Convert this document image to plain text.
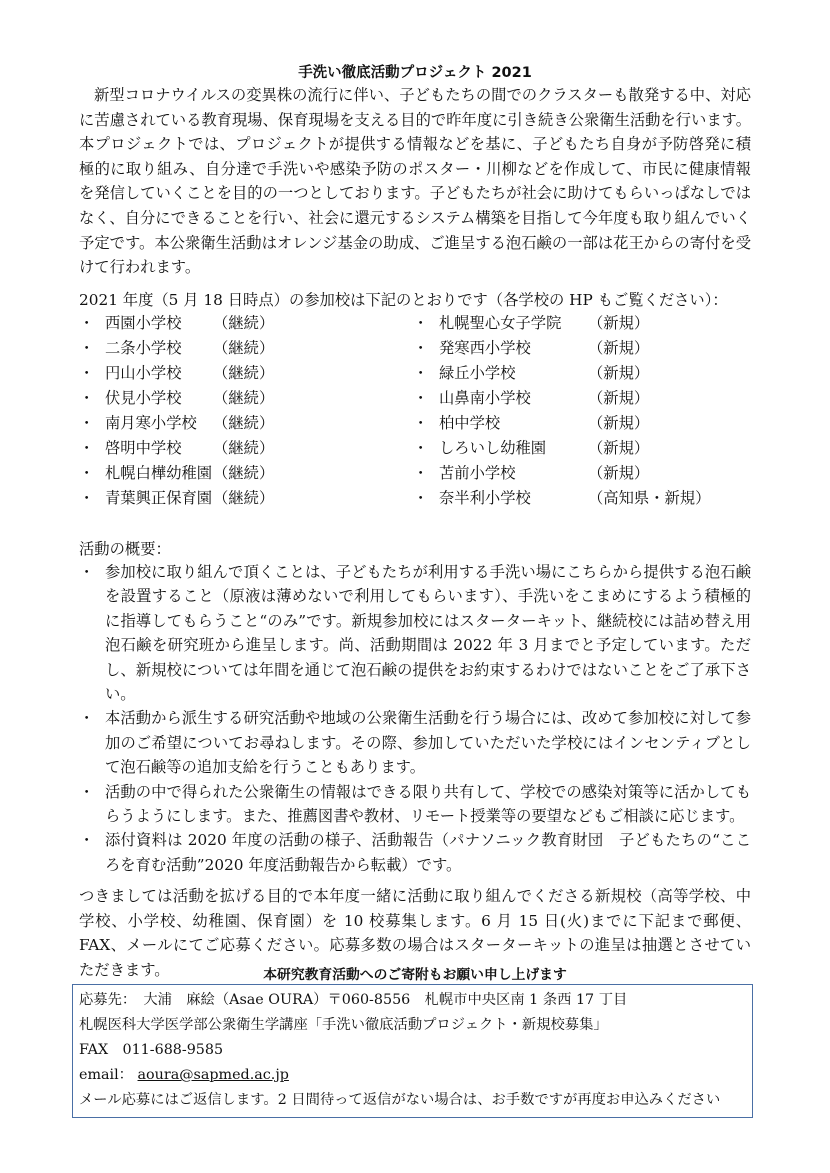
手洗い徹底活動プロジェクト 2021
新型コロナウイルスの変異株の流行に伴い、子どもたちの間でのクラスターも散発する中、対応に苦慮されている教育現場、保育現場を支える目的で昨年度に引き続き公衆衛生活動を行います。本プロジェクトでは、プロジェクトが提供する情報などを基に、子どもたち自身が予防啓発に積極的に取り組み、自分達で手洗いや感染予防のポスター・川柳などを作成して、市民に健康情報を発信していくことを目的の一つとしております。子どもたちが社会に助けてもらいっぱなしではなく、自分にできることを行い、社会に還元するシステム構築を目指して今年度も取り組んでいく予定です。本公衆衛生活動はオレンジ基金の助成、ご進呈する泡石鹸の一部は花王からの寄付を受けて行われます。
2021 年度（5 月 18 日時点）の参加校は下記のとおりです（各学校の HP もご覧ください）：
・ 西園小学校 （継続）
・ 二条小学校 （継続）
・ 円山小学校 （継続）
・ 伏見小学校 （継続）
・ 南月寒小学校 （継続）
・ 啓明中学校 （継続）
・ 札幌白樺幼稚園 （継続）
・ 青葉興正保育園 （継続）
・ 札幌聖心女子学院 （新規）
・ 発寒西小学校	（新規）
・ 緑丘小学校	（新規）
・ 山鼻南小学校	（新規）
・ 柏中学校	（新規）
・ しろいし幼稚園	（新規）
・ 苫前小学校	（新規）
・ 奈半利小学校	（高知県・新規）
活動の概要：
・ 参加校に取り組んで頂くことは、子どもたちが利用する手洗い場にこちらから提供する泡石鹸を設置すること（原液は薄めないで利用してもらいます）、手洗いをこまめにするよう積極的に指導してもらうこと“のみ”です。新規参加校にはスターターキット、継続校には詰め替え用泡石鹸を研究班から進呈します。尚、活動期間は 2022 年 3 月までと予定しています。ただし、新規校については年間を通じて泡石鹸の提供をお約束するわけではないことをご了承下さい。
・ 本活動から派生する研究活動や地域の公衆衛生活動を行う場合には、改めて参加校に対して参加のご希望についてお尋ねします。その際、参加していただいた学校にはインセンティブとして泡石鹸等の追加支給を行うこともあります。
・ 活動の中で得られた公衆衛生の情報はできる限り共有して、学校での感染対策等に活かしてもらうようにします。また、推薦図書や教材、リモート授業等の要望などもご相談に応じます。
・ 添付資料は 2020 年度の活動の様子、活動報告（パナソニック教育財団　子どもたちの“こころを育む活動”2020 年度活動報告から転載）です。
つきましては活動を拡げる目的で本年度一緒に活動に取り組んでくださる新規校（高等学校、中学校、小学校、幼稚園、保育園）を 10 校募集します。6 月 15 日(火)までに下記まで郵便、FAX、メールにてご応募ください。応募多数の場合はスターターキットの進呈は抽選とさせていただきます。	本研究教育活動へのご寄附もお願い申し上げます
応募先：　大浦　麻絵（Asae OURA）〒060-8556　札幌市中央区南 1 条西 17 丁目
札幌医科大学医学部公衆衛生学講座「手洗い徹底活動プロジェクト・新規校募集」
FAX　011-688-9585
email： aoura@sapmed.ac.jp
メール応募にはご返信します。2 日間待って返信がない場合は、お手数ですが再度お申込みください
